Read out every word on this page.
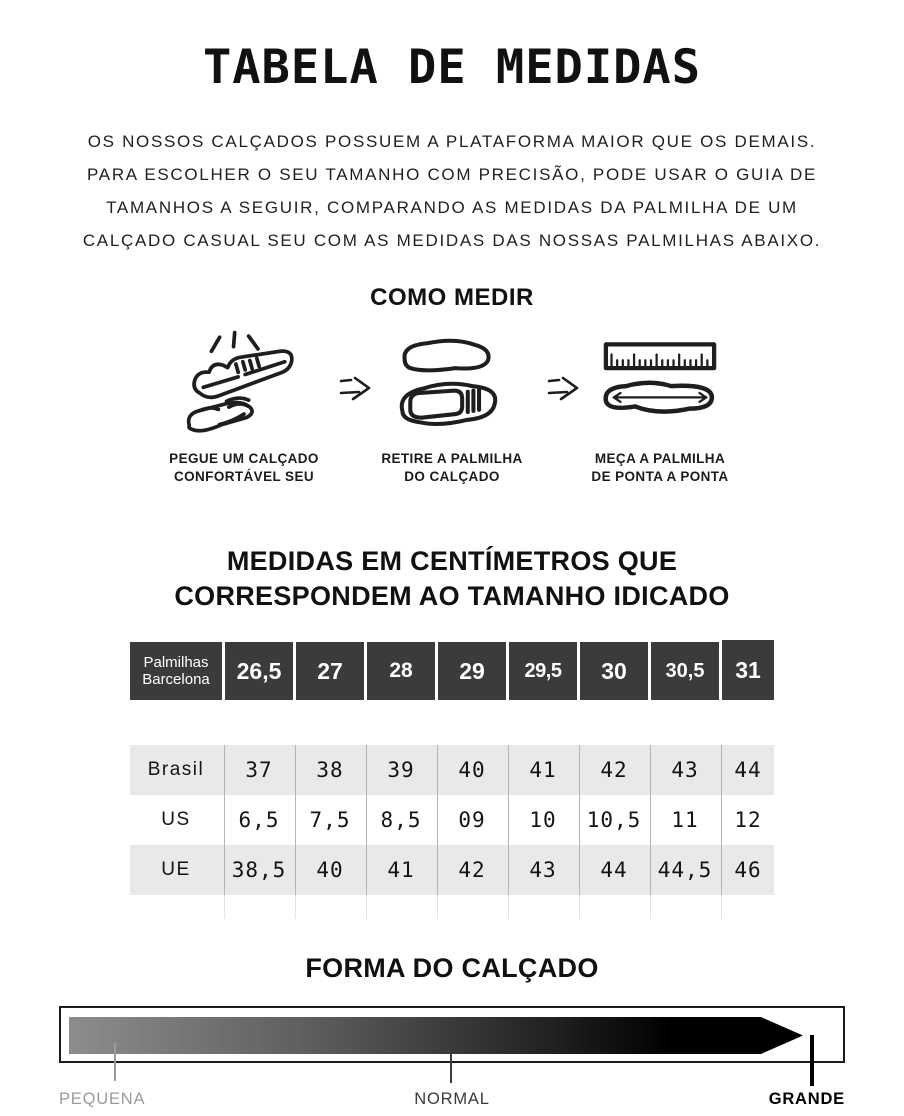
TABELA DE MEDIDAS
OS NOSSOS CALÇADOS POSSUEM A PLATAFORMA MAIOR QUE OS DEMAIS.
PARA ESCOLHER O SEU TAMANHO COM PRECISÃO, PODE USAR O GUIA DE
TAMANHOS A SEGUIR, COMPARANDO AS MEDIDAS DA PALMILHA DE UM
CALÇADO CASUAL SEU COM AS MEDIDAS DAS NOSSAS PALMILHAS ABAIXO.
COMO MEDIR
PEGUE UM CALÇADO
CONFORTÁVEL SEU
RETIRE A PALMILHA
DO CALÇADO
MEÇA A PALMILHA
DE PONTA A PONTA
MEDIDAS EM CENTÍMETROS QUE
CORRESPONDEM AO TAMANHO IDICADO
Palmilhas
Barcelona	26,5	27	28	29	29,5	30	30,5	31
Brasil	37	38	39	40	41	42	43	44
US	6,5	7,5	8,5	09	10	10,5	11	12
UE	38,5	40	41	42	43	44	44,5	46
FORMA DO CALÇADO
PEQUENA	NORMAL	GRANDE
